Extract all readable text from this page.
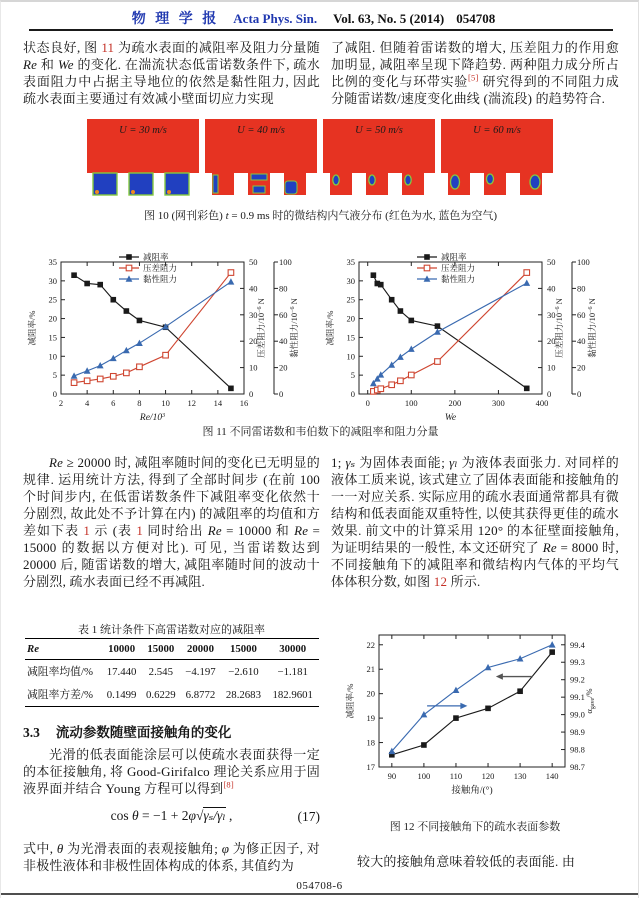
物 理 学 报 Acta Phys. Sin. Vol. 63, No. 5 (2014) 054708
状态良好, 图 11 为疏水表面的减阻率及阻力分量随 Re 和 We 的变化. 在湍流状态低雷诺数条件下, 疏水表面阻力中占据主导地位的依然是黏性阻力, 因此疏水表面主要通过有效减小壁面切应力实现
了减阻. 但随着雷诺数的增大, 压差阻力的作用愈加明显, 减阻率呈现下降趋势. 两种阻力成分所占比例的变化与环带实验[5] 研究得到的不同阻力成分随雷诺数/速度变化曲线 (湍流段) 的趋势符合.
U = 30 m/s	U = 40 m/s	U = 50 m/s	U = 60 m/s
图 10 (网刊彩色) t = 0.9 ms 时的微结构内气液分布 (红色为水, 蓝色为空气)
2	4	6	8 10 12 14 16
$Re/10^3$
0
5
10
15
20
25
30
35
减阻率/%
0
10
20
30
40
50
压差阻力$/10^{-6}$ N
0
20
40
60
80
100
黏性阻力$/10^{-6}$ N
减阻率
压差阻力
黏性阻力
0	100	200	300	400
We
0
5
10
15
20
25
30
35
减阻率/%
0
10
20
30
40
50
压差阻力$/10^{-6}$ N
0
20
40
60
80
100
黏性阻力$/10^{-6}$ N
减阻率
压差阻力
黏性阻力
图 11 不同雷诺数和韦伯数下的减阻率和阻力分量
Re ≥ 20000 时, 减阻率随时间的变化已无明显的规律. 运用统计方法, 得到了全部时间步 (在前 100 个时间步内, 在低雷诺数条件下减阻率变化依然十分剧烈, 故此处不予计算在内) 的减阻率的均值和方差如下表 1 示 (表 1 同时给出 Re = 10000 和 Re = 15000 的数据以方便对比). 可见, 当雷诺数达到 20000 后, 随雷诺数的增大, 减阻率随时间的波动十分剧烈, 疏水表面已经不再减阻.
表 1 统计条件下高雷诺数对应的减阻率
Re	10000	15000	20000	15000	30000
减阻率均值/%	17.440	2.545	−4.197	−2.610	−1.181
减阻率方差/%	0.1499	0.6229	6.8772	28.2683	182.9601
3.3 流动参数随壁面接触角的变化
光滑的低表面能涂层可以使疏水表面获得一定的本征接触角, 将 Good-Girifalco 理论关系应用于固液界面并结合 Young 方程可以得到[8]
cos θ = −1 + 2φ√γₛ/γₗ ,	(17)
式中, θ 为光滑表面的表观接触角; φ 为修正因子, 对非极性液体和非极性固体构成的体系, 其值约为
1; γₛ 为固体表面能; γₗ 为液体表面张力. 对同样的液体工质来说, 该式建立了固体表面能和接触角的一一对应关系. 实际应用的疏水表面通常都具有微结构和低表面能双重特性, 以使其获得更佳的疏水效果. 前文中的计算采用 120° 的本征壁面接触角, 为证明结果的一般性, 本文还研究了 Re = 8000 时, 不同接触角下的减阻率和微结构内气体的平均气体体积分数, 如图 12 所示.
90	100 110 120 130 140
接触角/(°)
17
18
19
20
21
22
减阻率/%
98.7
98.8
98.9
99.0
99.1
99.2
99.3
99.4
$\alpha_{gave}/\%$
图 12 不同接触角下的疏水表面参数
较大的接触角意味着较低的表面能. 由
054708-6
